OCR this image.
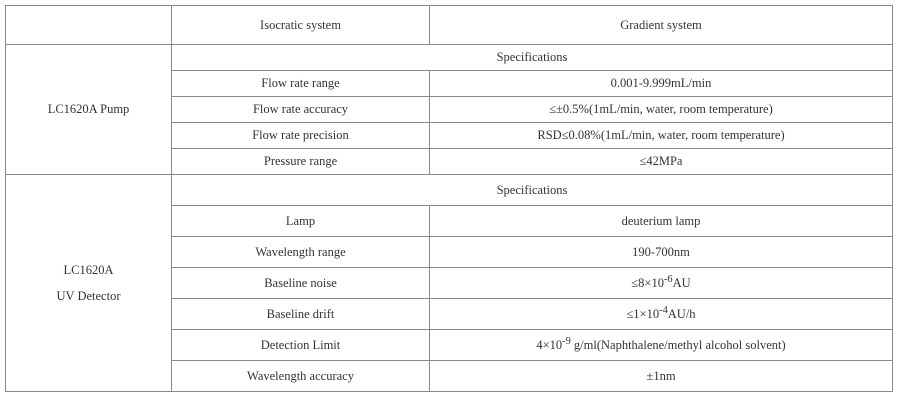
	Isocratic system	Gradient system

LC1620A Pump	Specifications	
	Flow rate range	0.001-9.999mL/min
	Flow rate accuracy	≤±0.5%(1mL/min, water, room temperature)
	Flow rate precision	RSD≤0.08%(1mL/min, water, room temperature)
	Pressure range	≤42MPa

LC1620A
UV Detector	Specifications	
	Lamp	deuterium lamp
	Wavelength range	190-700nm
	Baseline noise	$\le 8\times 10^{-6}AU$
	Baseline drift	$\le 1\times 10^{-4}AU/h$
	Detection Limit	$4\times 10^{-9}$ g/ml(Naphthalene/methyl alcohol solvent)
	Wavelength accuracy	±1nm
